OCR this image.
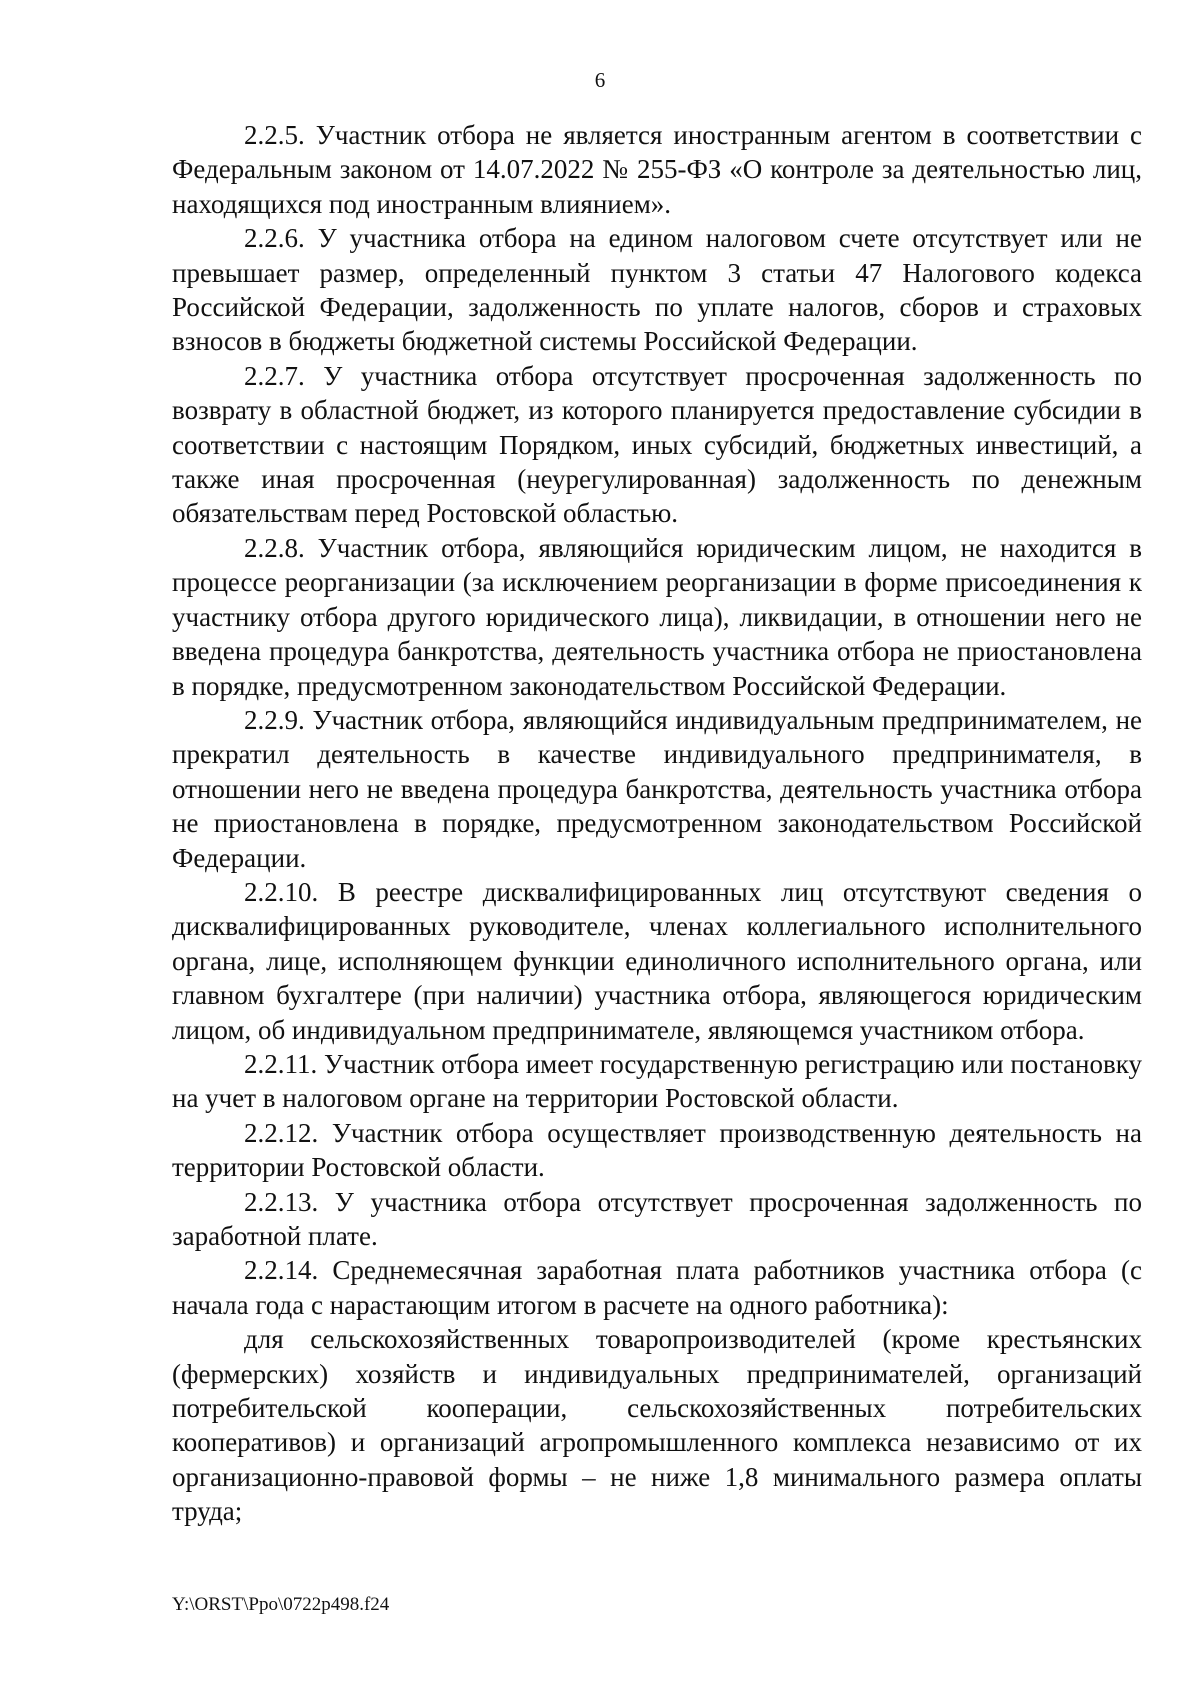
6

2.2.5. Участник отбора не является иностранным агентом в соответствии с Федеральным законом от 14.07.2022 № 255-ФЗ «О контроле за деятельностью лиц, находящихся под иностранным влиянием».

2.2.6. У участника отбора на едином налоговом счете отсутствует или не превышает размер, определенный пунктом 3 статьи 47 Налогового кодекса Российской Федерации, задолженность по уплате налогов, сборов и страховых взносов в бюджеты бюджетной системы Российской Федерации.

2.2.7. У участника отбора отсутствует просроченная задолженность по возврату в областной бюджет, из которого планируется предоставление субсидии в соответствии с настоящим Порядком, иных субсидий, бюджетных инвестиций, а также иная просроченная (неурегулированная) задолженность по денежным обязательствам перед Ростовской областью.

2.2.8. Участник отбора, являющийся юридическим лицом, не находится в процессе реорганизации (за исключением реорганизации в форме присоединения к участнику отбора другого юридического лица), ликвидации, в отношении него не введена процедура банкротства, деятельность участника отбора не приостановлена в порядке, предусмотренном законодательством Российской Федерации.

2.2.9. Участник отбора, являющийся индивидуальным предпринимателем, не прекратил деятельность в качестве индивидуального предпринимателя, в отношении него не введена процедура банкротства, деятельность участника отбора не приостановлена в порядке, предусмотренном законодательством Российской Федерации.

2.2.10. В реестре дисквалифицированных лиц отсутствуют сведения о дисквалифицированных руководителе, членах коллегиального исполнительного органа, лице, исполняющем функции единоличного исполнительного органа, или главном бухгалтере (при наличии) участника отбора, являющегося юридическим лицом, об индивидуальном предпринимателе, являющемся участником отбора.

2.2.11. Участник отбора имеет государственную регистрацию или постановку на учет в налоговом органе на территории Ростовской области.

2.2.12. Участник отбора осуществляет производственную деятельность на территории Ростовской области.

2.2.13. У участника отбора отсутствует просроченная задолженность по заработной плате.

2.2.14. Среднемесячная заработная плата работников участника отбора (с начала года с нарастающим итогом в расчете на одного работника):

для сельскохозяйственных товаропроизводителей (кроме крестьянских (фермерских) хозяйств и индивидуальных предпринимателей, организаций потребительской кооперации, сельскохозяйственных потребительских кооперативов) и организаций агропромышленного комплекса независимо от их организационно-правовой формы – не ниже 1,8 минимального размера оплаты труда;

Y:\ORST\Ppo\0722p498.f24
